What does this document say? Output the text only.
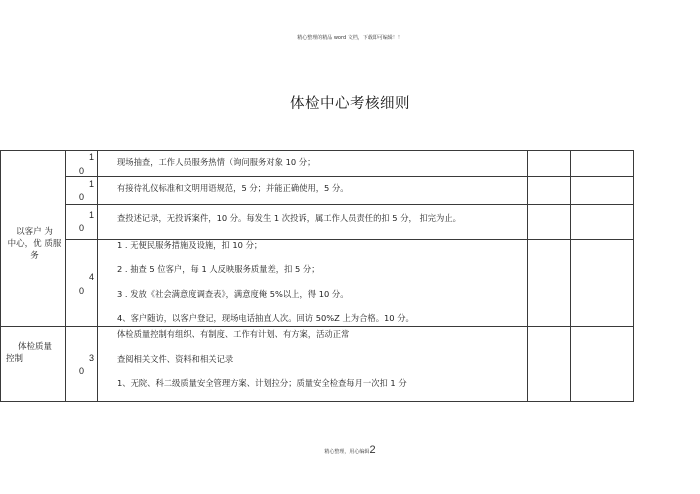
精心整理的精品 word 文档，下载即可编辑！！
体检中心考核细则
以客户 为
中心，优 质服务
1
0
现场抽查，工作人员服务热情（询问服务对象 10 分；
1
0
有接待礼仪标准和文明用语规范，5 分；并能正确使用，5 分。
1
0
查投述记录，无投诉案件，10 分。每发生 1 次投诉，属工作人员责任的扣 5 分， 扣完为止。
4
0
1 . 无便民服务措施及设施，扣 10 分；
2 . 抽查 5 位客户，每 1 人反映服务质量差，扣 5 分；
3 . 发放《社会满意度调查表》，满意度俺 5%以上，得 10 分。
4、客户随访，以客户登记，现场电话抽直人次。回访 50%Z 上为合格。10 分。
体检质量
控制	3
0
体检质量控制有组织、有制度、工作有计划、有方案，活动正常
查阅相关文件、资料和相关记录
1、无院、科二级质量安全管理方案、计划拉分；质量安全检查每月一次扣 1 分
精心整理，用心编辑2
